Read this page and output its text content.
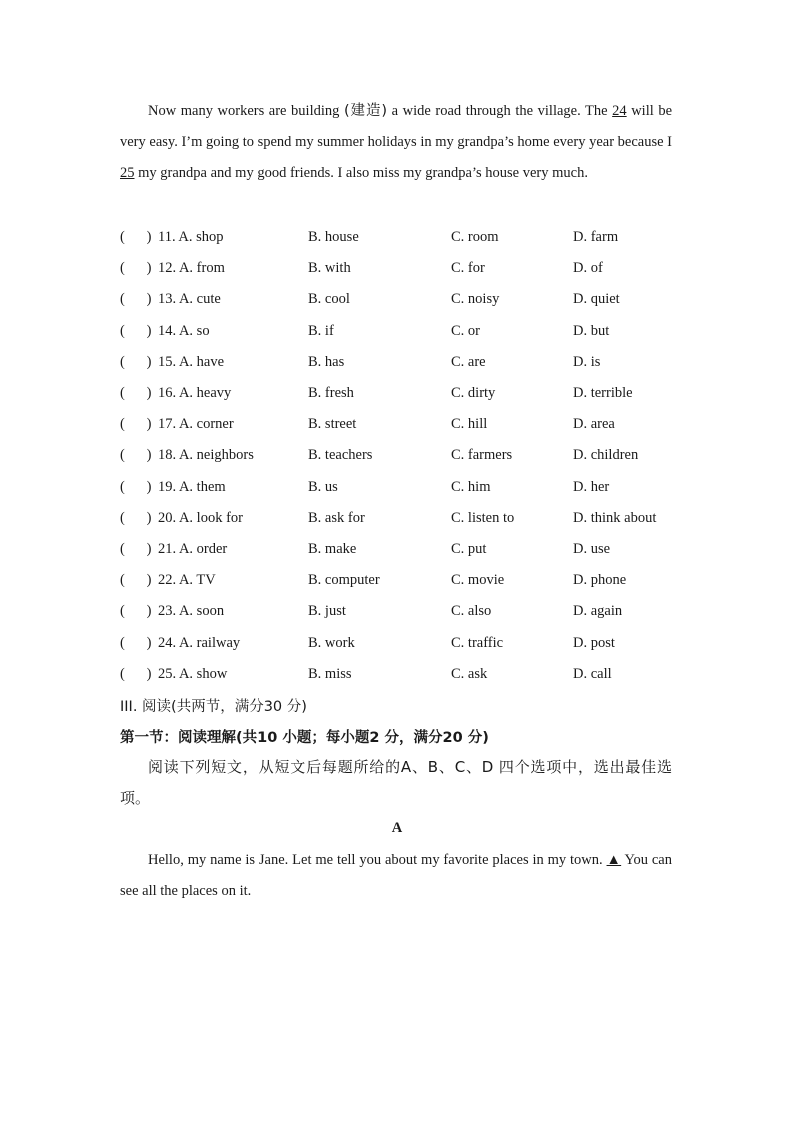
Now many workers are building (建造) a wide road through the village. The 24 will be very easy. I’m going to spend my summer holidays in my grandpa’s home every year because I 25 my grandpa and my good friends. I also miss my grandpa’s house very much.
(      ) 11. A. shop	B. house	C. room	D. farm
(      ) 12. A. from	B. with	C. for	D. of
(      ) 13. A. cute	B. cool	C. noisy	D. quiet
(      ) 14. A. so	B. if	C. or	D. but
(      ) 15. A. have	B. has	C. are	D. is
(      ) 16. A. heavy	B. fresh	C. dirty	D. terrible
(      ) 17. A. corner	B. street	C. hill	D. area
(      ) 18. A. neighbors	B. teachers	C. farmers	D. children
(      ) 19. A. them	B. us	C. him	D. her
(      ) 20. A. look for	B. ask for	C. listen to	D. think about
(      ) 21. A. order	B. make	C. put	D. use
(      ) 22. A. TV	B. computer	C. movie	D. phone
(      ) 23. A. soon	B. just	C. also	D. again
(      ) 24. A. railway	B. work	C. traffic	D. post
(      ) 25. A. show	B. miss	C. ask	D. call
III. 阅读(共两节，满分30 分)
第一节：阅读理解(共10 小题；每小题2 分，满分20 分)
阅读下列短文，从短文后每题所给的A、B、C、D 四个选项中，选出最佳选项。
A
Hello, my name is Jane. Let me tell you about my favorite places in my town. ▲ You can see all the places on it.
